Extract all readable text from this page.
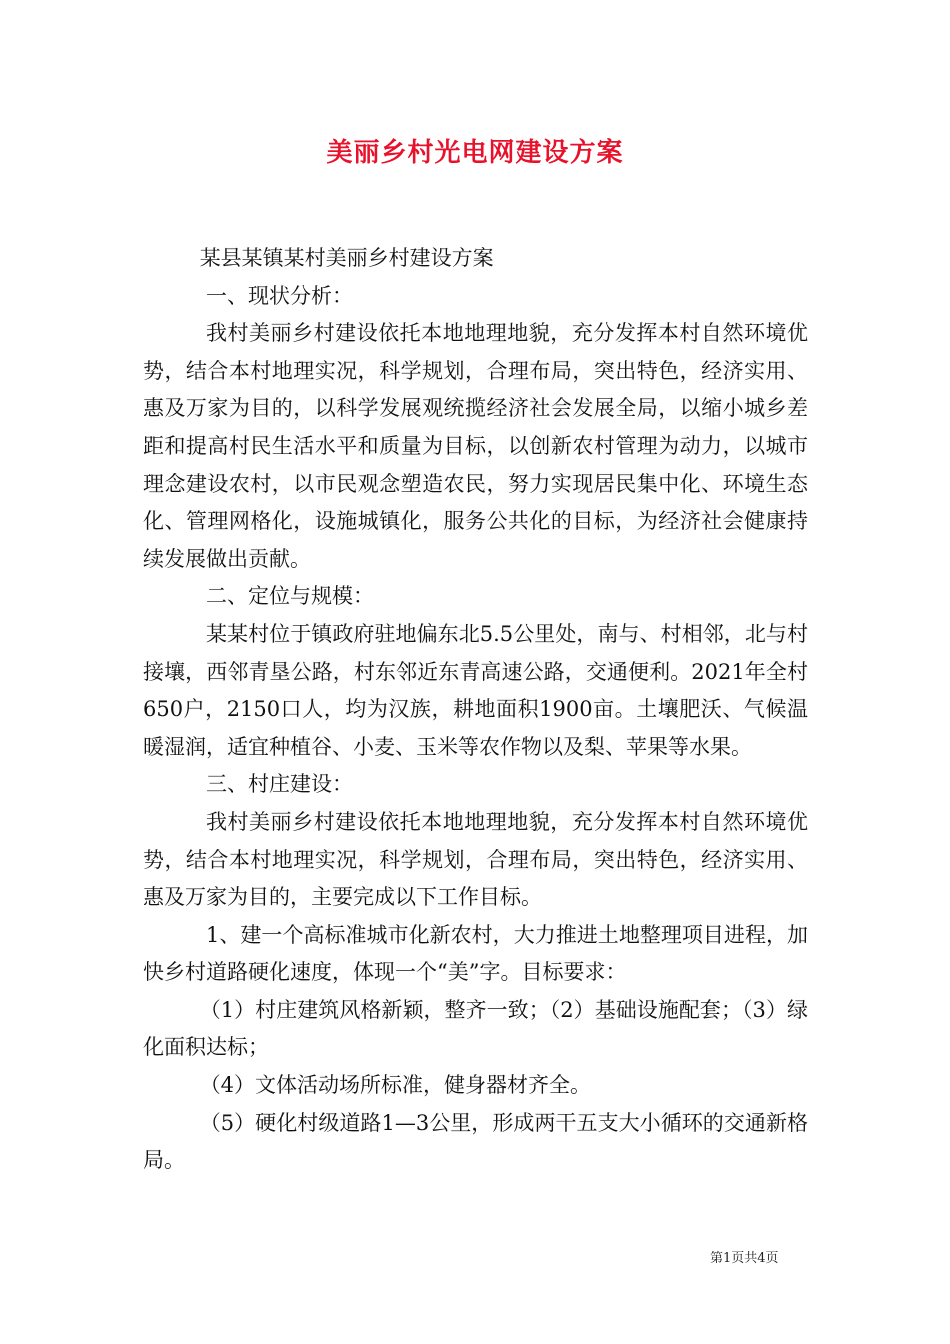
美丽乡村光电网建设方案

某县某镇某村美丽乡村建设方案

一、现状分析：

我村美丽乡村建设依托本地地理地貌，充分发挥本村自然环境优势，结合本村地理实况，科学规划，合理布局，突出特色，经济实用、惠及万家为目的，以科学发展观统揽经济社会发展全局，以缩小城乡差距和提高村民生活水平和质量为目标，以创新农村管理为动力，以城市理念建设农村，以市民观念塑造农民，努力实现居民集中化、环境生态化、管理网格化，设施城镇化，服务公共化的目标，为经济社会健康持续发展做出贡献。

二、定位与规模：

某某村位于镇政府驻地偏东北5.5公里处，南与、村相邻，北与村接壤，西邻青垦公路，村东邻近东青高速公路，交通便利。2021年全村650户，2150口人，均为汉族，耕地面积1900亩。土壤肥沃、气候温暖湿润，适宜种植谷、小麦、玉米等农作物以及梨、苹果等水果。

三、村庄建设：

我村美丽乡村建设依托本地地理地貌，充分发挥本村自然环境优势，结合本村地理实况，科学规划，合理布局，突出特色，经济实用、惠及万家为目的，主要完成以下工作目标。

1、建一个高标准城市化新农村，大力推进土地整理项目进程，加快乡村道路硬化速度，体现一个“美”字。目标要求：

（1）村庄建筑风格新颖，整齐一致；（2）基础设施配套；（3）绿化面积达标；

（4）文体活动场所标准，健身器材齐全。

（5）硬化村级道路1—3公里，形成两干五支大小循环的交通新格局。

第1页共4页
